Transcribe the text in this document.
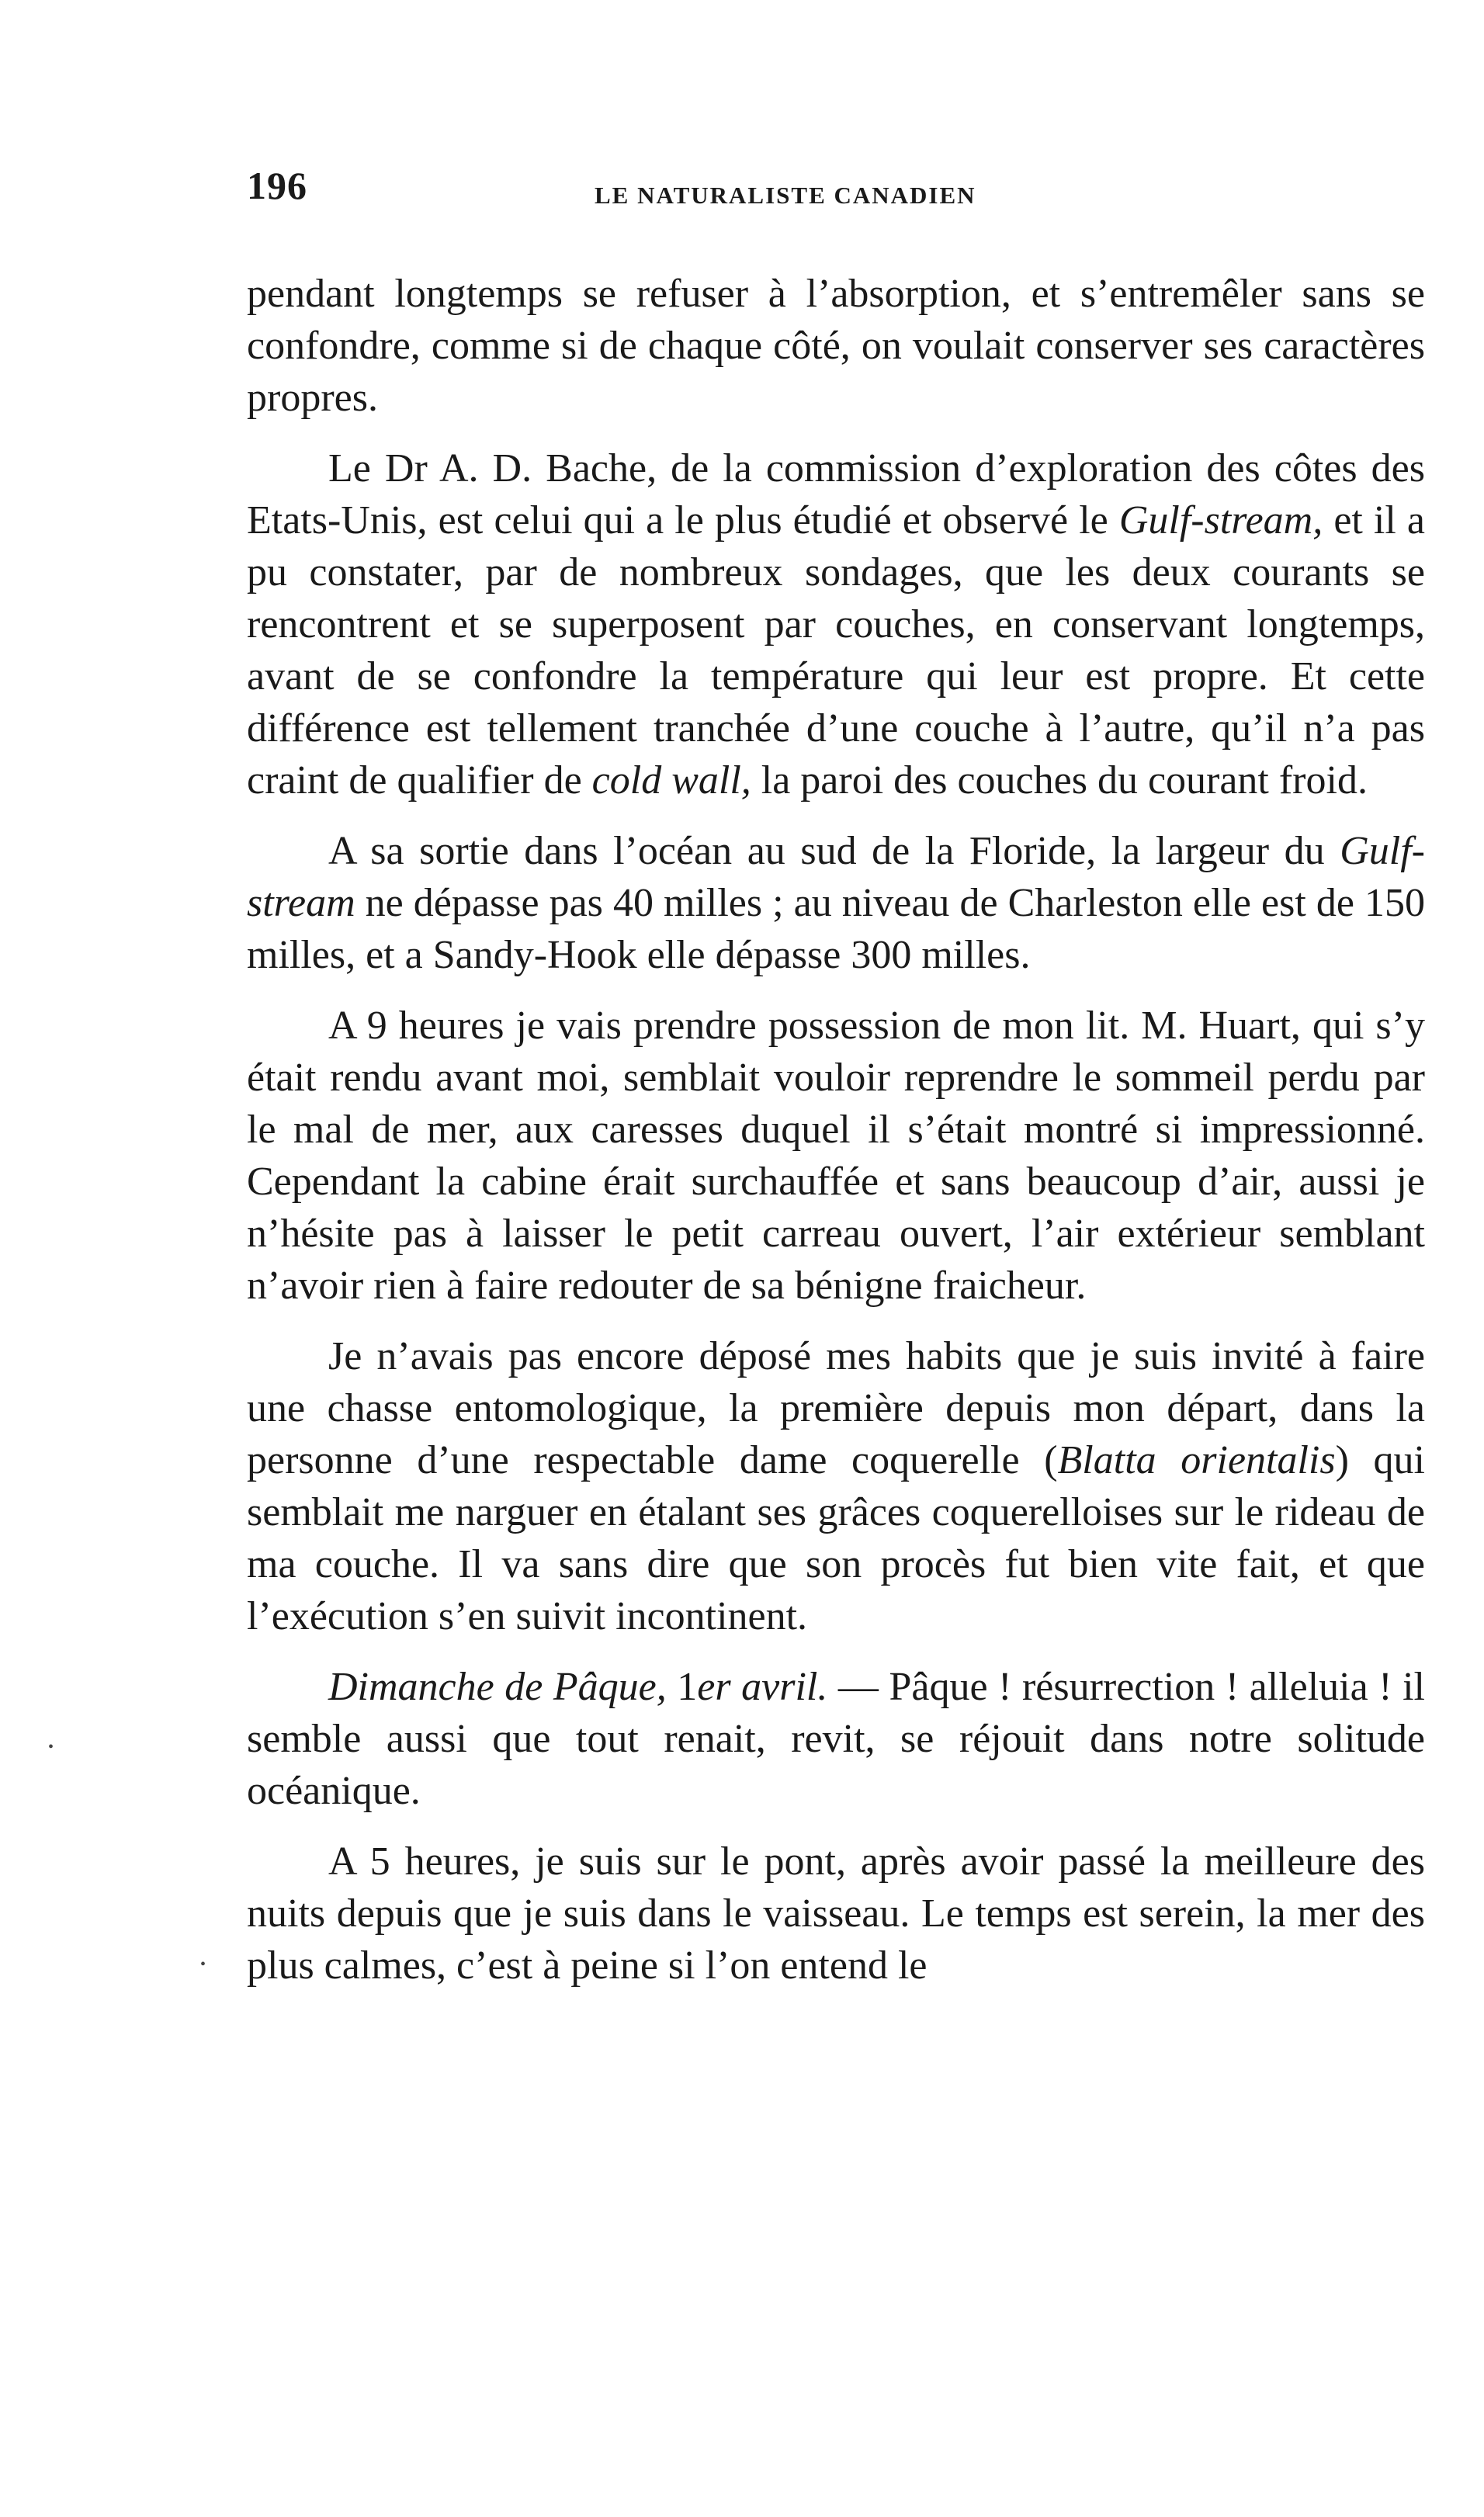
196	LE NATURALISTE CANADIEN

pendant longtemps se refuser à l’absorption, et s’entremêler sans se confondre, comme si de chaque côté, on voulait conserver ses caractères propres.

Le Dr A. D. Bache, de la commission d’exploration des côtes des Etats-Unis, est celui qui a le plus étudié et observé le Gulf-stream, et il a pu constater, par de nombreux sondages, que les deux courants se rencontrent et se superposent par couches, en conservant longtemps, avant de se confondre la température qui leur est propre. Et cette différence est tellement tranchée d’une couche à l’autre, qu’il n’a pas craint de qualifier de cold wall, la paroi des couches du courant froid.

A sa sortie dans l’océan au sud de la Floride, la largeur du Gulf-stream ne dépasse pas 40 milles ; au niveau de Charleston elle est de 150 milles, et a Sandy-Hook elle dépasse 300 milles.

A 9 heures je vais prendre possession de mon lit. M. Huart, qui s’y était rendu avant moi, semblait vouloir reprendre le sommeil perdu par le mal de mer, aux caresses duquel il s’était montré si impressionné. Cependant la cabine érait surchauffée et sans beaucoup d’air, aussi je n’hésite pas à laisser le petit carreau ouvert, l’air extérieur semblant n’avoir rien à faire redouter de sa bénigne fraicheur.

Je n’avais pas encore déposé mes habits que je suis invité à faire une chasse entomologique, la première depuis mon départ, dans la personne d’une respectable dame coquerelle (Blatta orientalis) qui semblait me narguer en étalant ses grâces coquerelloises sur le rideau de ma couche. Il va sans dire que son procès fut bien vite fait, et que l’exécution s’en suivit incontinent.

Dimanche de Pâque, 1er avril. — Pâque ! résurrection ! alleluia ! il semble aussi que tout renait, revit, se réjouit dans notre solitude océanique.

A 5 heures, je suis sur le pont, après avoir passé la meilleure des nuits depuis que je suis dans le vaisseau. Le temps est serein, la mer des plus calmes, c’est à peine si l’on entend le

•
•
